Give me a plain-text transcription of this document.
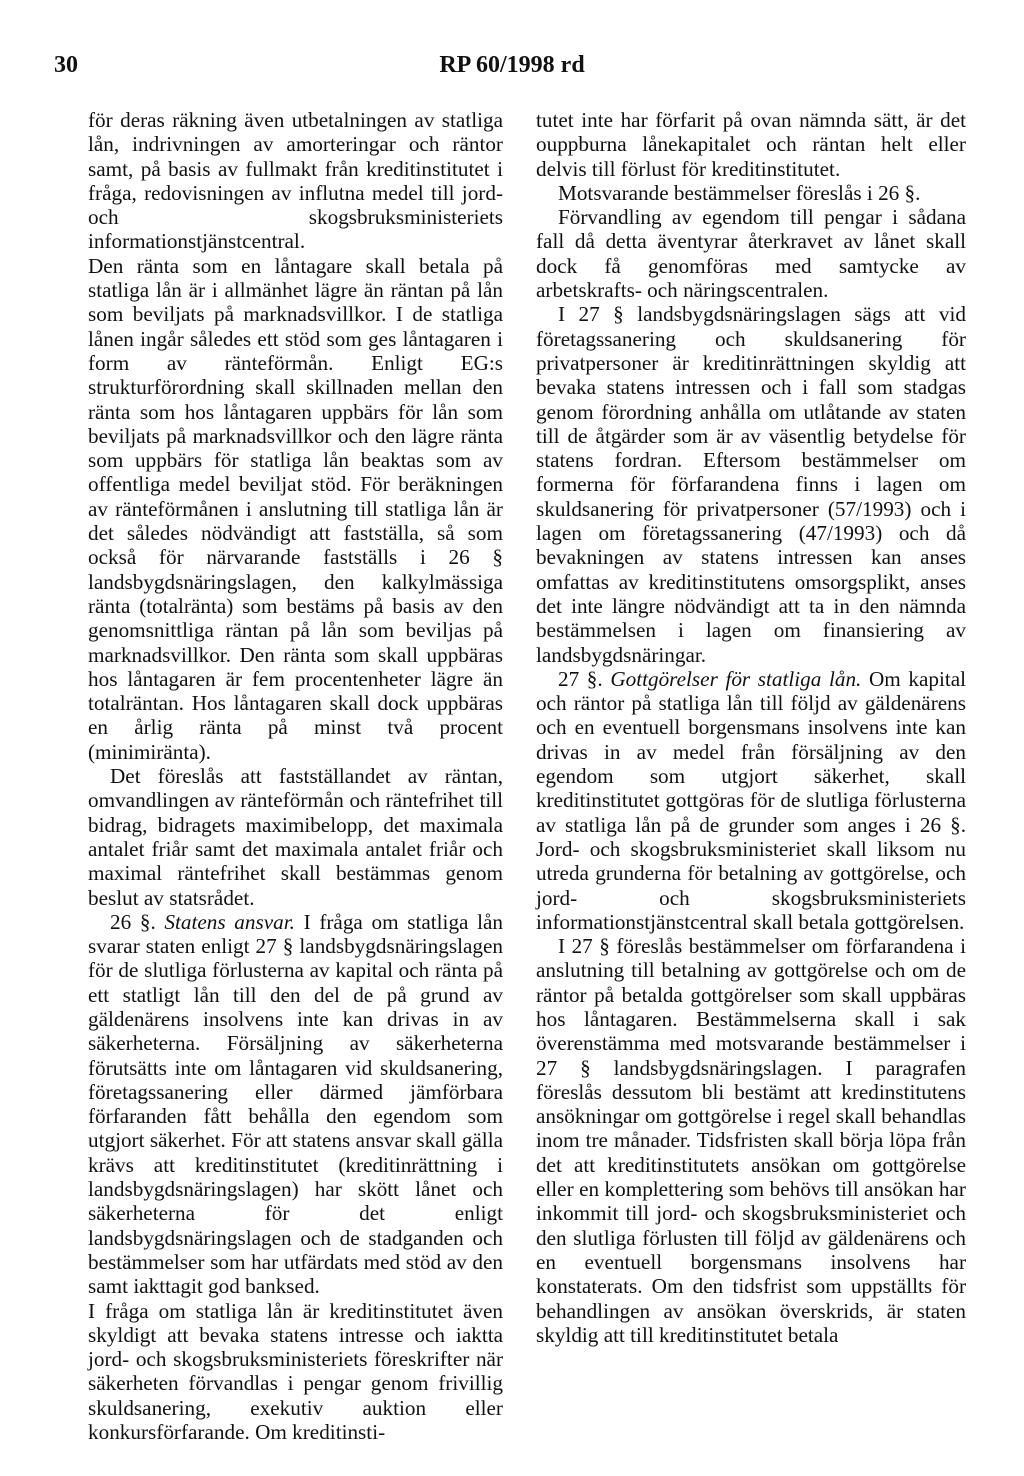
30	RP 60/1998 rd

för deras räkning även utbetalningen av statliga lån, indrivningen av amorteringar och räntor samt, på basis av fullmakt från kreditinstitutet i fråga, redovisningen av influtna medel till jord- och skogsbruksministeriets informationstjänstcentral.

Den ränta som en låntagare skall betala på statliga lån är i allmänhet lägre än räntan på lån som beviljats på marknadsvillkor. I de statliga lånen ingår således ett stöd som ges låntagaren i form av ränteförmån. Enligt EG:s strukturförordning skall skillnaden mellan den ränta som hos låntagaren uppbärs för lån som beviljats på marknadsvillkor och den lägre ränta som uppbärs för statliga lån beaktas som av offentliga medel beviljat stöd. För beräkningen av ränteförmånen i anslutning till statliga lån är det således nödvändigt att fastställa, så som också för närvarande fastställs i 26 § landsbygdsnäringslagen, den kalkylmässiga ränta (totalränta) som bestäms på basis av den genomsnittliga räntan på lån som beviljas på marknadsvillkor. Den ränta som skall uppbäras hos låntagaren är fem procentenheter lägre än totalräntan. Hos låntagaren skall dock uppbäras en årlig ränta på minst två procent (minimiränta).

Det föreslås att fastställandet av räntan, omvandlingen av ränteförmån och räntefrihet till bidrag, bidragets maximibelopp, det maximala antalet friår samt det maximala antalet friår och maximal räntefrihet skall bestämmas genom beslut av statsrådet.

26 §. Statens ansvar. I fråga om statliga lån svarar staten enligt 27 § landsbygdsnäringslagen för de slutliga förlusterna av kapital och ränta på ett statligt lån till den del de på grund av gäldenärens insolvens inte kan drivas in av säkerheterna. Försäljning av säkerheterna förutsätts inte om låntagaren vid skuldsanering, företagssanering eller därmed jämförbara förfaranden fått behålla den egendom som utgjort säkerhet. För att statens ansvar skall gälla krävs att kreditinstitutet (kreditinrättning i landsbygdsnäringslagen) har skött lånet och säkerheterna för det enligt landsbygdsnäringslagen och de stadganden och bestämmelser som har utfärdats med stöd av den samt iakttagit god banksed.

I fråga om statliga lån är kreditinstitutet även skyldigt att bevaka statens intresse och iaktta jord- och skogsbruksministeriets föreskrifter när säkerheten förvandlas i pengar genom frivillig skuldsanering, exekutiv auktion eller konkursförfarande. Om kreditinsti-

tutet inte har förfarit på ovan nämnda sätt, är det ouppburna lånekapitalet och räntan helt eller delvis till förlust för kreditinstitutet.

Motsvarande bestämmelser föreslås i 26 §.

Förvandling av egendom till pengar i sådana fall då detta äventyrar återkravet av lånet skall dock få genomföras med samtycke av arbetskrafts- och näringscentralen.

I 27 § landsbygdsnäringslagen sägs att vid företagssanering och skuldsanering för privatpersoner är kreditinrättningen skyldig att bevaka statens intressen och i fall som stadgas genom förordning anhålla om utlåtande av staten till de åtgärder som är av väsentlig betydelse för statens fordran. Eftersom bestämmelser om formerna för förfarandena finns i lagen om skuldsanering för privatpersoner (57/1993) och i lagen om företagssanering (47/1993) och då bevakningen av statens intressen kan anses omfattas av kreditinstitutens omsorgsplikt, anses det inte längre nödvändigt att ta in den nämnda bestämmelsen i lagen om finansiering av landsbygdsnäringar.

27 §. Gottgörelser för statliga lån. Om kapital och räntor på statliga lån till följd av gäldenärens och en eventuell borgensmans insolvens inte kan drivas in av medel från försäljning av den egendom som utgjort säkerhet, skall kreditinstitutet gottgöras för de slutliga förlusterna av statliga lån på de grunder som anges i 26 §. Jord- och skogsbruksministeriet skall liksom nu utreda grunderna för betalning av gottgörelse, och jord- och skogsbruksministeriets informationstjänstcentral skall betala gottgörelsen.

I 27 § föreslås bestämmelser om förfarandena i anslutning till betalning av gottgörelse och om de räntor på betalda gottgörelser som skall uppbäras hos låntagaren. Bestämmelserna skall i sak överenstämma med motsvarande bestämmelser i 27 § landsbygdsnäringslagen. I paragrafen föreslås dessutom bli bestämt att kredinstitutens ansökningar om gottgörelse i regel skall behandlas inom tre månader. Tidsfristen skall börja löpa från det att kreditinstitutets ansökan om gottgörelse eller en komplettering som behövs till ansökan har inkommit till jord- och skogsbruksministeriet och den slutliga förlusten till följd av gäldenärens och en eventuell borgensmans insolvens har konstaterats. Om den tidsfrist som uppställts för behandlingen av ansökan överskrids, är staten skyldig att till kreditinstitutet betala
